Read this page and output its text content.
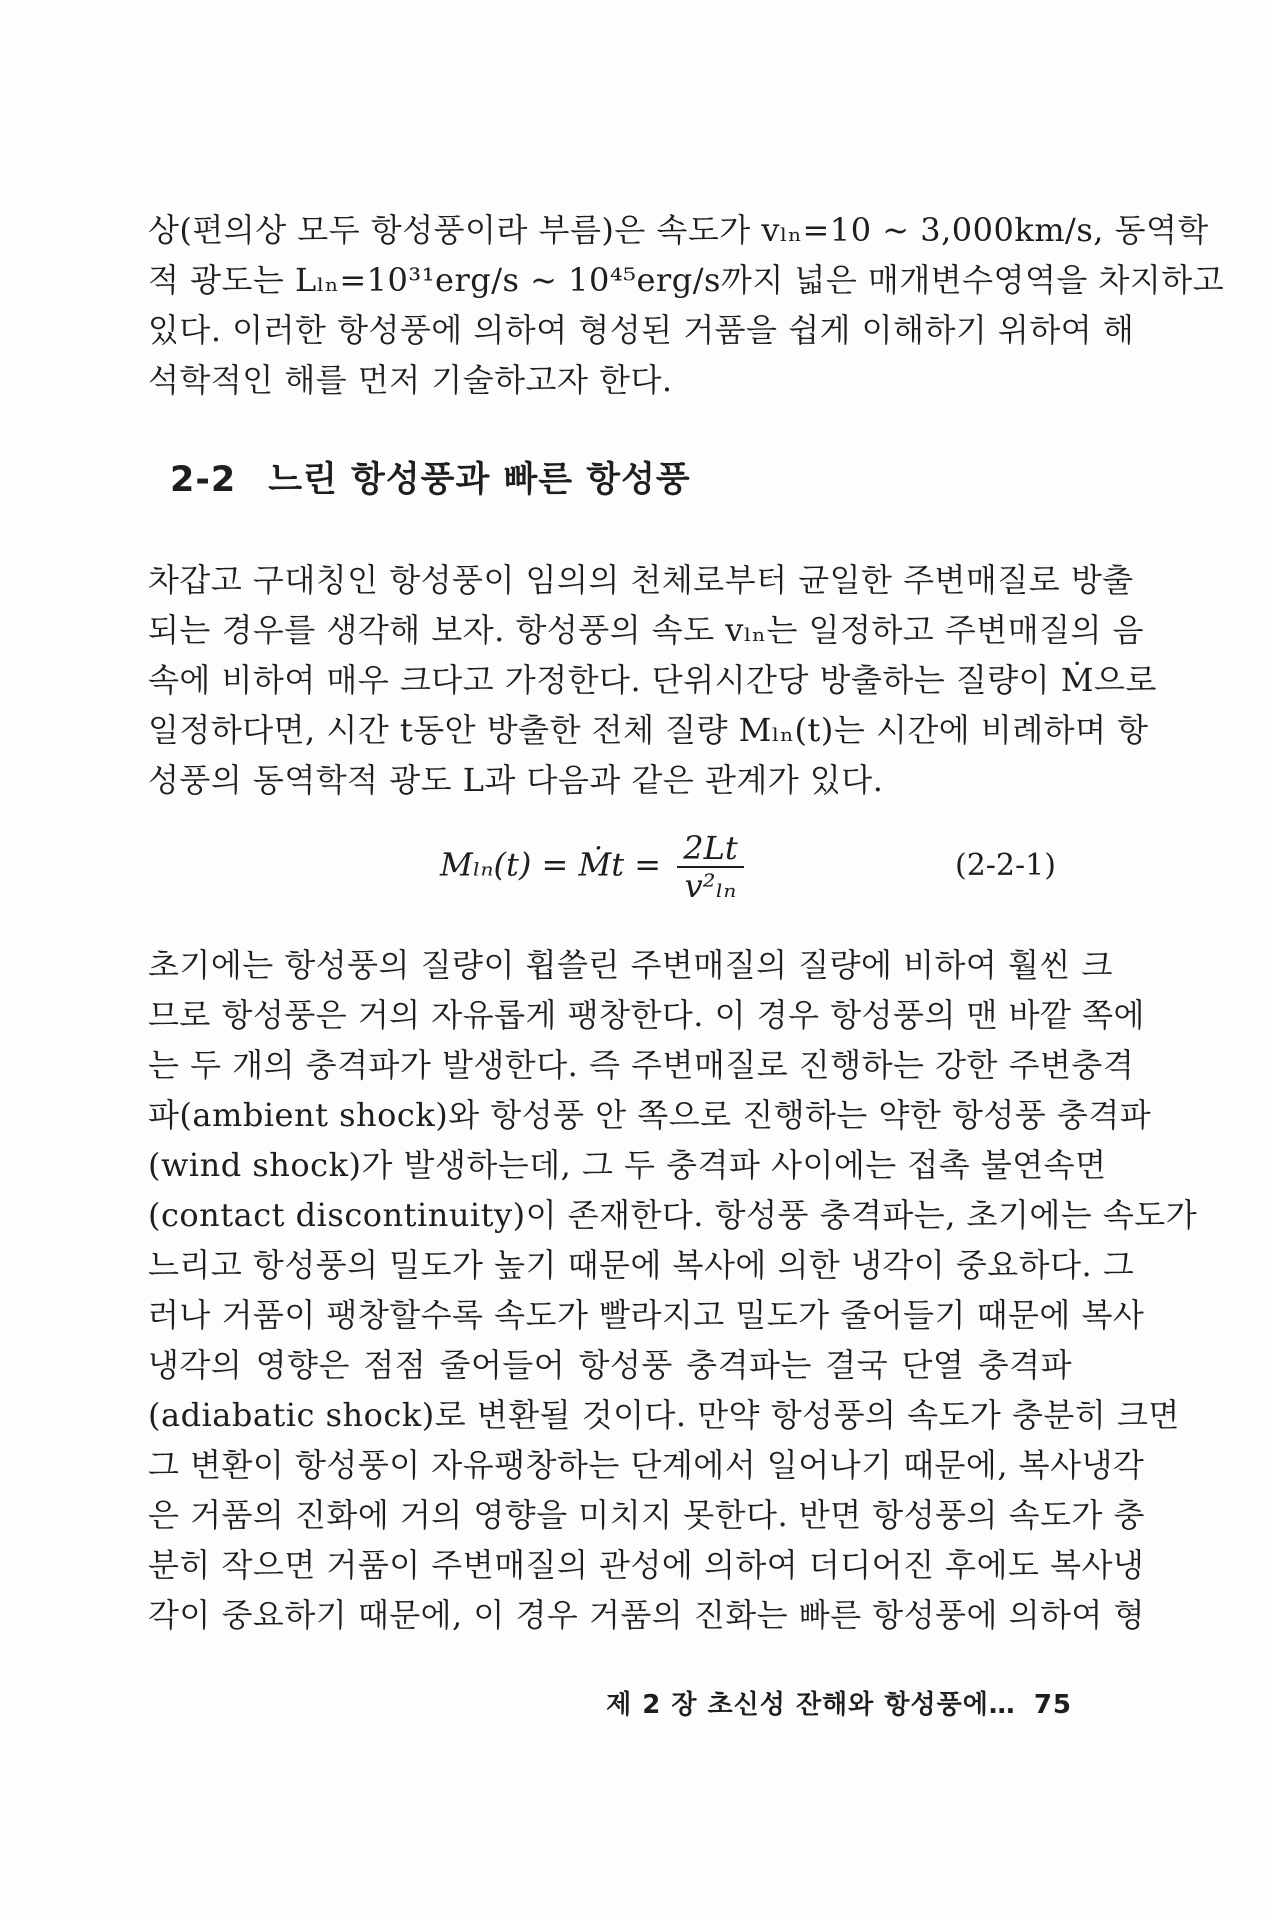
상(편의상 모두 항성풍이라 부름)은 속도가 vₗₙ=10 ~ 3,000km/s, 동역학
적 광도는 Lₗₙ=10³¹erg/s ~ 10⁴⁵erg/s까지 넓은 매개변수영역을 차지하고
있다. 이러한 항성풍에 의하여 형성된 거품을 쉽게 이해하기 위하여 해
석학적인 해를 먼저 기술하고자 한다.
2-2 느린 항성풍과 빠른 항성풍
차갑고 구대칭인 항성풍이 임의의 천체로부터 균일한 주변매질로 방출
되는 경우를 생각해 보자. 항성풍의 속도 vₗₙ는 일정하고 주변매질의 음
속에 비하여 매우 크다고 가정한다. 단위시간당 방출하는 질량이 Ṁ으로
일정하다면, 시간 t동안 방출한 전체 질량 Mₗₙ(t)는 시간에 비례하며 항
성풍의 동역학적 광도 L과 다음과 같은 관계가 있다.
Mₗₙ(t) = Ṁt = $\frac{2Lt}{\text{v²ₗₙ}}$	(2-2-1)
초기에는 항성풍의 질량이 휩쓸린 주변매질의 질량에 비하여 훨씬 크
므로 항성풍은 거의 자유롭게 팽창한다. 이 경우 항성풍의 맨 바깥 쪽에
는 두 개의 충격파가 발생한다. 즉 주변매질로 진행하는 강한 주변충격
파(ambient shock)와 항성풍 안 쪽으로 진행하는 약한 항성풍 충격파
(wind shock)가 발생하는데, 그 두 충격파 사이에는 접촉 불연속면
(contact discontinuity)이 존재한다. 항성풍 충격파는, 초기에는 속도가
느리고 항성풍의 밀도가 높기 때문에 복사에 의한 냉각이 중요하다. 그
러나 거품이 팽창할수록 속도가 빨라지고 밀도가 줄어들기 때문에 복사
냉각의 영향은 점점 줄어들어 항성풍 충격파는 결국 단열 충격파
(adiabatic shock)로 변환될 것이다. 만약 항성풍의 속도가 충분히 크면
그 변환이 항성풍이 자유팽창하는 단계에서 일어나기 때문에, 복사냉각
은 거품의 진화에 거의 영향을 미치지 못한다. 반면 항성풍의 속도가 충
분히 작으면 거품이 주변매질의 관성에 의하여 더디어진 후에도 복사냉
각이 중요하기 때문에, 이 경우 거품의 진화는 빠른 항성풍에 의하여 형
제 2 장 초신성 잔해와 항성풍에… 75
